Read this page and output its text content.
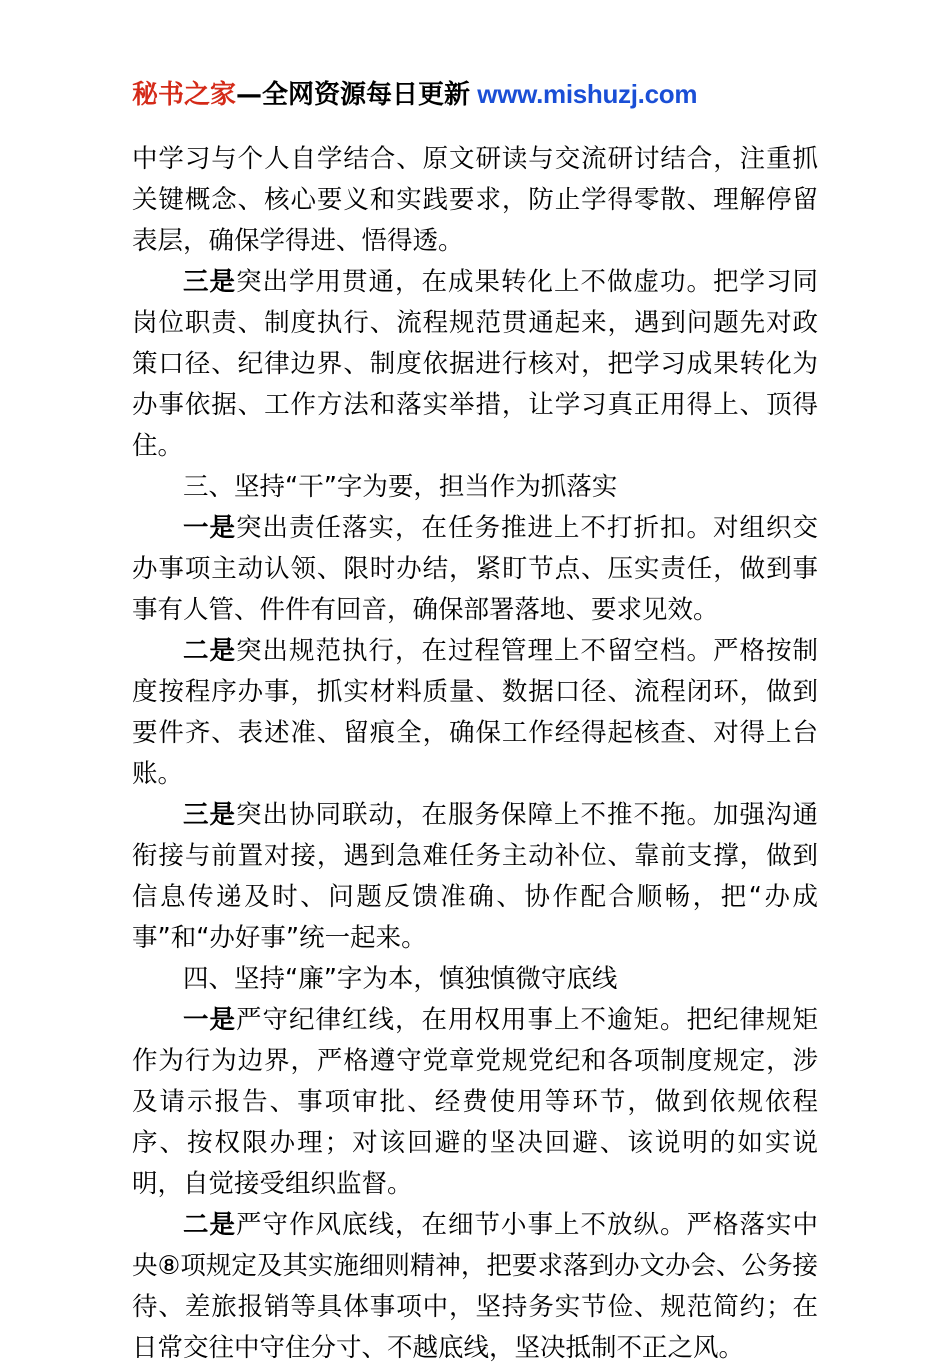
秘书之家—全网资源每日更新 www.mishuzj.com

中学习与个人自学结合、原文研读与交流研讨结合，注重抓关键概念、核心要义和实践要求，防止学得零散、理解停留表层，确保学得进、悟得透。

三是突出学用贯通，在成果转化上不做虚功。把学习同岗位职责、制度执行、流程规范贯通起来，遇到问题先对政策口径、纪律边界、制度依据进行核对，把学习成果转化为办事依据、工作方法和落实举措，让学习真正用得上、顶得住。

三、坚持“干”字为要，担当作为抓落实

一是突出责任落实，在任务推进上不打折扣。对组织交办事项主动认领、限时办结，紧盯节点、压实责任，做到事事有人管、件件有回音，确保部署落地、要求见效。

二是突出规范执行，在过程管理上不留空档。严格按制度按程序办事，抓实材料质量、数据口径、流程闭环，做到要件齐、表述准、留痕全，确保工作经得起核查、对得上台账。

三是突出协同联动，在服务保障上不推不拖。加强沟通衔接与前置对接，遇到急难任务主动补位、靠前支撑，做到信息传递及时、问题反馈准确、协作配合顺畅，把“办成事”和“办好事”统一起来。

四、坚持“廉”字为本，慎独慎微守底线

一是严守纪律红线，在用权用事上不逾矩。把纪律规矩作为行为边界，严格遵守党章党规党纪和各项制度规定，涉及请示报告、事项审批、经费使用等环节，做到依规依程序、按权限办理；对该回避的坚决回避、该说明的如实说明，自觉接受组织监督。

二是严守作风底线，在细节小事上不放纵。严格落实中央⑧项规定及其实施细则精神，把要求落到办文办会、公务接待、差旅报销等具体事项中，坚持务实节俭、规范简约；在日常交往中守住分寸、不越底线，坚决抵制不正之风。
